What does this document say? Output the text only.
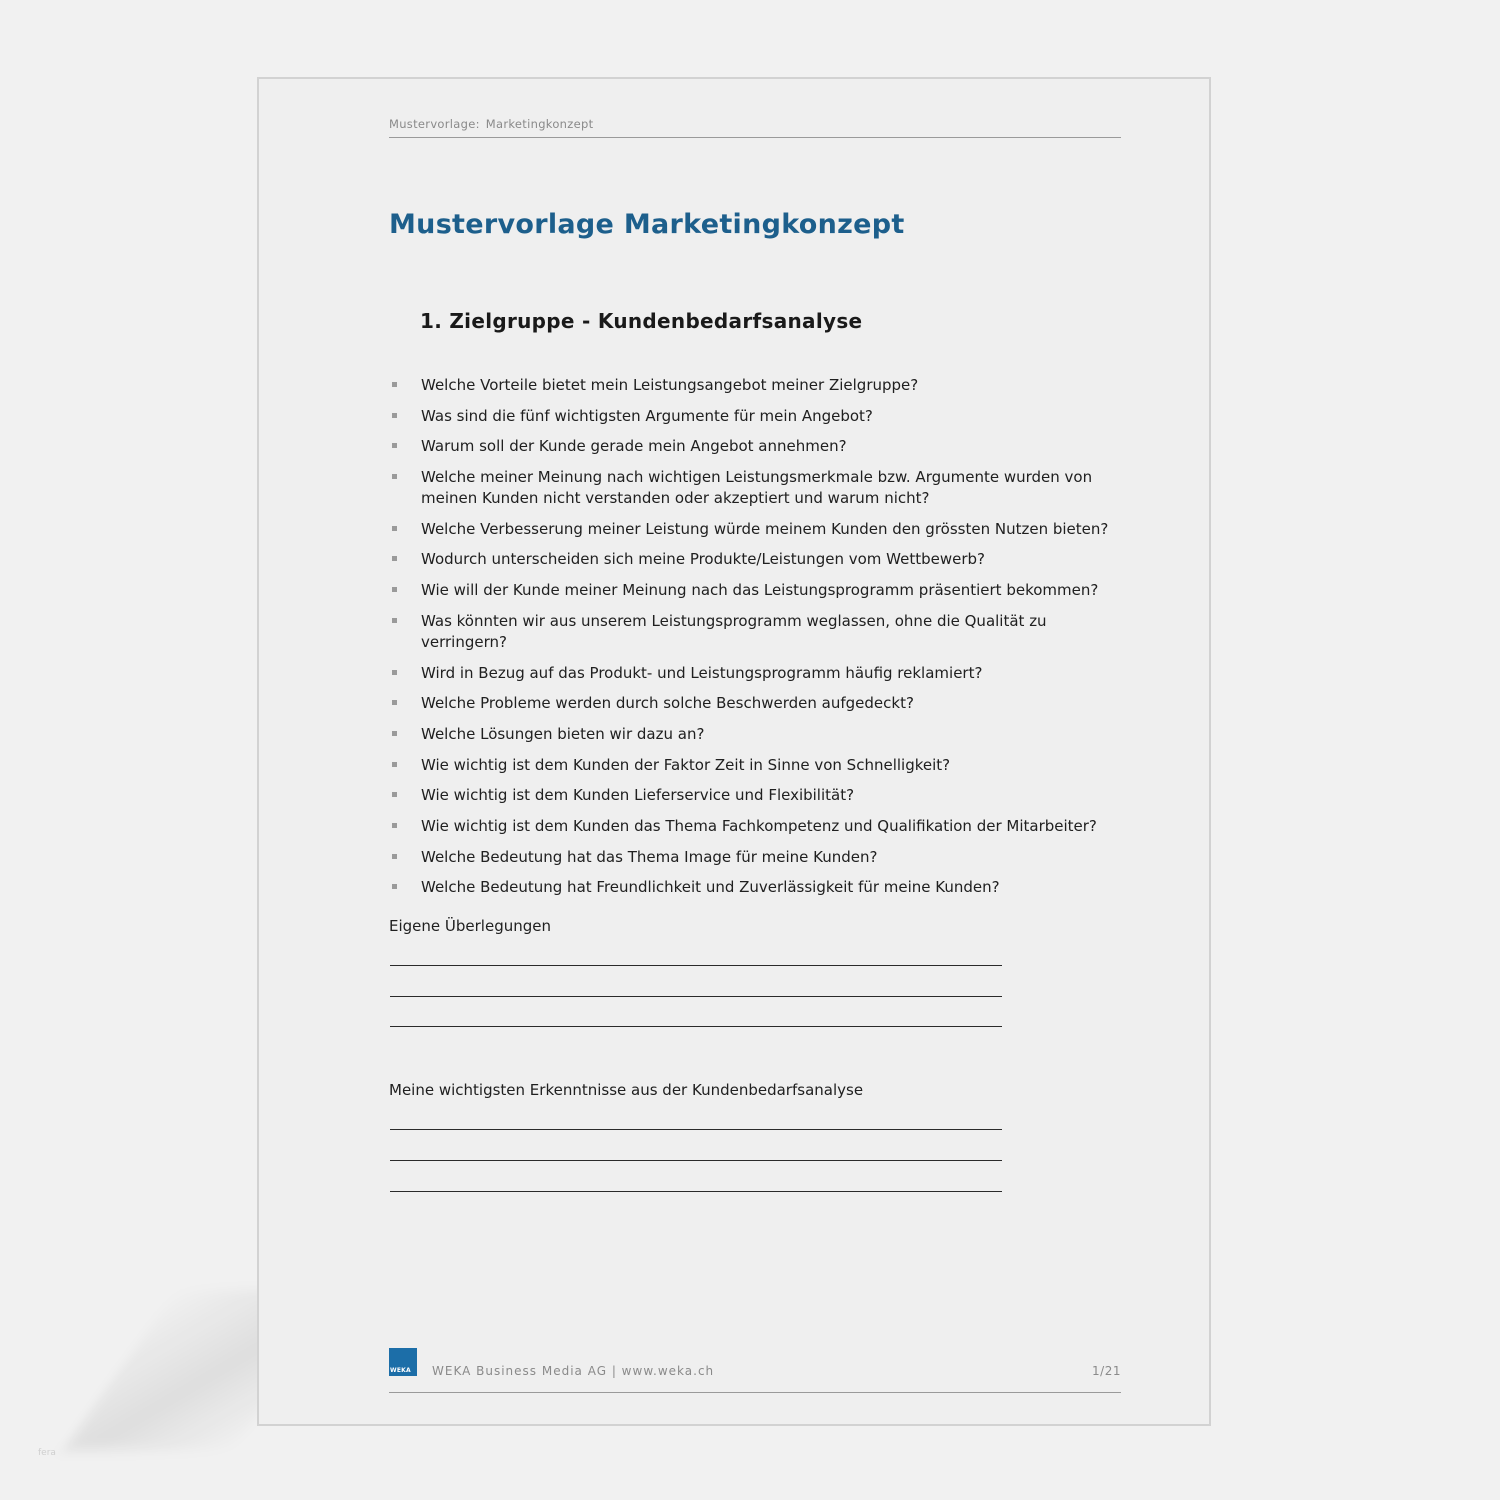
Mustervorlage: Marketingkonzept
Mustervorlage Marketingkonzept
1. Zielgruppe - Kundenbedarfsanalyse
Welche Vorteile bietet mein Leistungsangebot meiner Zielgruppe?
Was sind die fünf wichtigsten Argumente für mein Angebot?
Warum soll der Kunde gerade mein Angebot annehmen?
Welche meiner Meinung nach wichtigen Leistungsmerkmale bzw. Argumente wurden von meinen Kunden nicht verstanden oder akzeptiert und warum nicht?
Welche Verbesserung meiner Leistung würde meinem Kunden den grössten Nutzen bieten?
Wodurch unterscheiden sich meine Produkte/Leistungen vom Wettbewerb?
Wie will der Kunde meiner Meinung nach das Leistungsprogramm präsentiert bekommen?
Was könnten wir aus unserem Leistungsprogramm weglassen, ohne die Qualität zu verringern?
Wird in Bezug auf das Produkt- und Leistungsprogramm häufig reklamiert?
Welche Probleme werden durch solche Beschwerden aufgedeckt?
Welche Lösungen bieten wir dazu an?
Wie wichtig ist dem Kunden der Faktor Zeit in Sinne von Schnelligkeit?
Wie wichtig ist dem Kunden Lieferservice und Flexibilität?
Wie wichtig ist dem Kunden das Thema Fachkompetenz und Qualifikation der Mitarbeiter?
Welche Bedeutung hat das Thema Image für meine Kunden?
Welche Bedeutung hat Freundlichkeit und Zuverlässigkeit für meine Kunden?

Eigene Überlegungen

Meine wichtigsten Erkenntnisse aus der Kundenbedarfsanalyse

WEKA WEKA Business Media AG | www.weka.ch	1/21
fera
